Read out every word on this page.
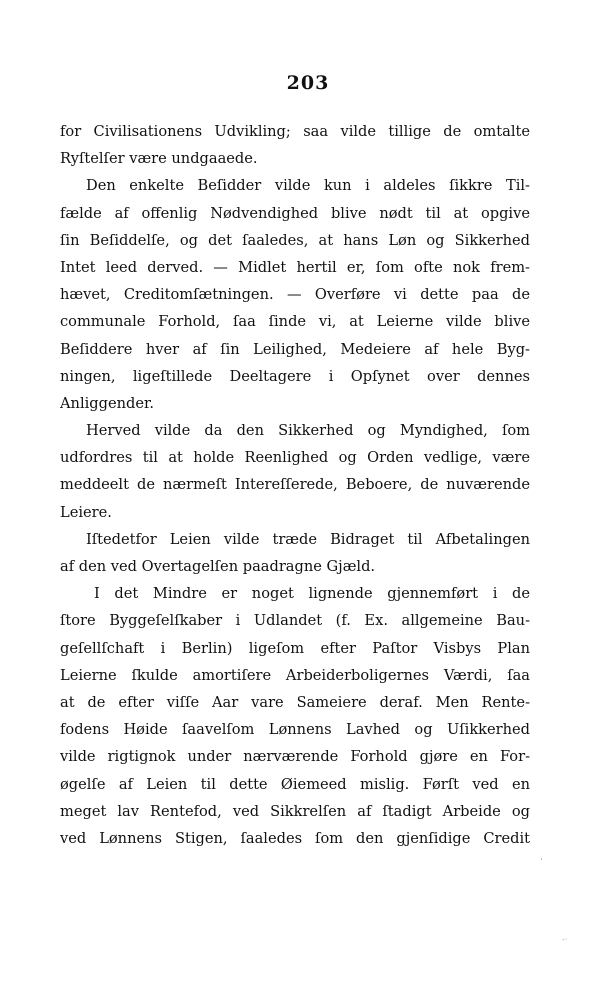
203
for Civilisationens Udvikling; saa vilde tillige de omtalte
Ryſtelſer være undgaaede.
Den enkelte Beſidder vilde kun i aldeles ſikkre Til-
fælde af offenlig Nødvendighed blive nødt til at opgive
ſin Beſiddelſe, og det ſaaledes, at hans Løn og Sikkerhed
Intet leed derved. — Midlet hertil er, ſom ofte nok frem-
hævet, Creditomſætningen. — Overføre vi dette paa de
communale Forhold, ſaa ſinde vi, at Leierne vilde blive
Beſiddere hver af ſin Leilighed, Medeiere af hele Byg-
ningen, ligeſtillede Deeltagere i Opſynet over dennes
Anliggender.
Herved vilde da den Sikkerhed og Myndighed, ſom
udfordres til at holde Reenlighed og Orden vedlige, være
meddeelt de nærmeſt Intereſſerede, Beboere, de nuværende
Leiere.
Iſtedetfor Leien vilde træde Bidraget til Afbetalingen
af den ved Overtagelſen paadragne Gjæld.
I det Mindre er noget lignende gjennemført i de
ſtore Byggeſelſkaber i Udlandet (f. Ex. allgemeine Bau-
geſellſchaft i Berlin) ligeſom efter Paſtor Visbys Plan
Leierne ſkulde amortiſere Arbeiderboligernes Værdi, ſaa
at de efter viſſe Aar vare Sameiere deraf. Men Rente-
fodens Høide ſaavelſom Lønnens Lavhed og Uſikkerhed
vilde rigtignok under nærværende Forhold gjøre en For-
øgelſe af Leien til dette Øiemeed mislig. Førſt ved en
meget lav Rentefod, ved Sikkrelſen af ſtadigt Arbeide og
ved Lønnens Stigen, ſaaledes ſom den gjenſidige Credit
·
-·
